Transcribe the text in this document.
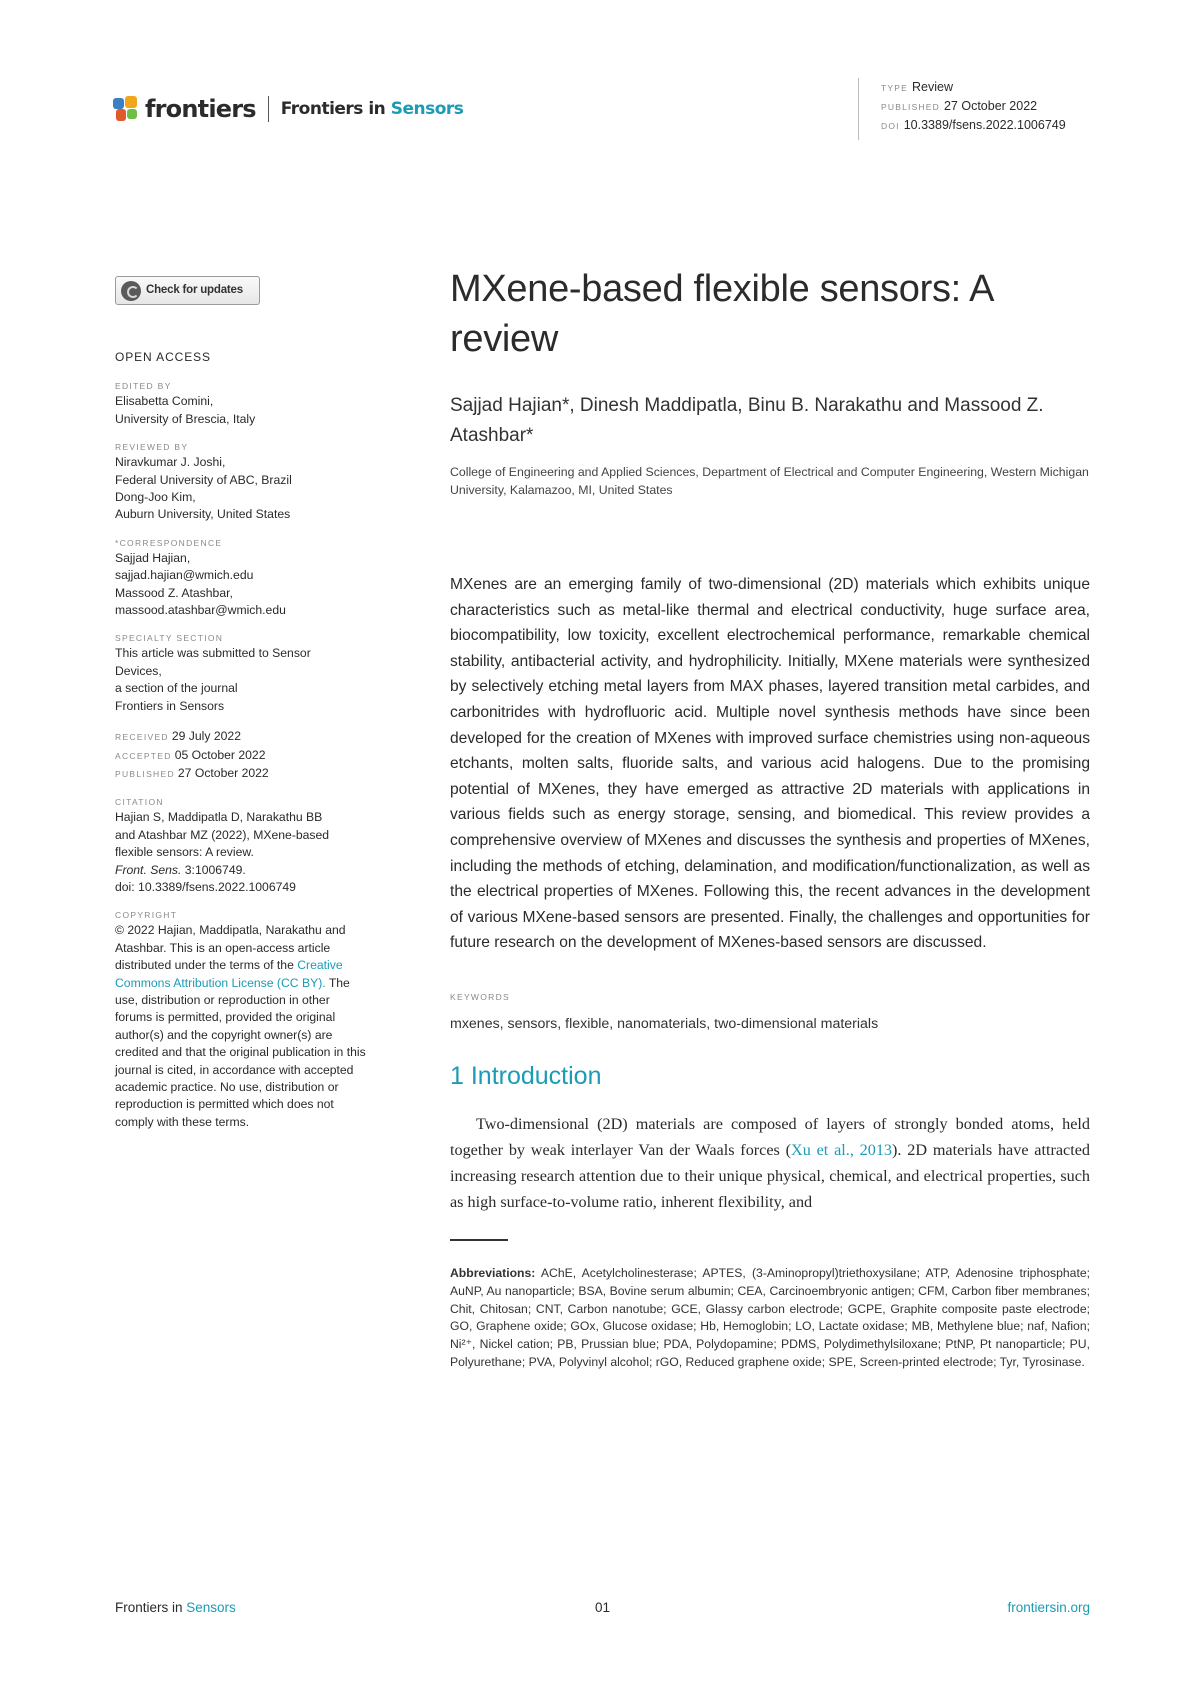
frontiers Frontiers in Sensors
TYPE Review
PUBLISHED 27 October 2022
DOI 10.3389/fsens.2022.1006749
Check for updates
OPEN ACCESS
EDITED BY
Elisabetta Comini,
University of Brescia, Italy
REVIEWED BY
Niravkumar J. Joshi,
Federal University of ABC, Brazil
Dong-Joo Kim,
Auburn University, United States
*CORRESPONDENCE
Sajjad Hajian,
sajjad.hajian@wmich.edu
Massood Z. Atashbar,
massood.atashbar@wmich.edu
SPECIALTY SECTION
This article was submitted to Sensor
Devices,
a section of the journal
Frontiers in Sensors
RECEIVED 29 July 2022
ACCEPTED 05 October 2022
PUBLISHED 27 October 2022
CITATION
Hajian S, Maddipatla D, Narakathu BB
and Atashbar MZ (2022), MXene-based
flexible sensors: A review.
Front. Sens. 3:1006749.
doi: 10.3389/fsens.2022.1006749
COPYRIGHT
© 2022 Hajian, Maddipatla, Narakathu and Atashbar. This is an open-access article distributed under the terms of the Creative Commons Attribution License (CC BY). The use, distribution or reproduction in other forums is permitted, provided the original author(s) and the copyright owner(s) are credited and that the original publication in this journal is cited, in accordance with accepted academic practice. No use, distribution or reproduction is permitted which does not comply with these terms.
MXene-based flexible sensors: A review
Sajjad Hajian*, Dinesh Maddipatla, Binu B. Narakathu and Massood Z. Atashbar*
College of Engineering and Applied Sciences, Department of Electrical and Computer Engineering, Western Michigan University, Kalamazoo, MI, United States

MXenes are an emerging family of two-dimensional (2D) materials which exhibits unique characteristics such as metal-like thermal and electrical conductivity, huge surface area, biocompatibility, low toxicity, excellent electrochemical performance, remarkable chemical stability, antibacterial activity, and hydrophilicity. Initially, MXene materials were synthesized by selectively etching metal layers from MAX phases, layered transition metal carbides, and carbonitrides with hydrofluoric acid. Multiple novel synthesis methods have since been developed for the creation of MXenes with improved surface chemistries using non-aqueous etchants, molten salts, fluoride salts, and various acid halogens. Due to the promising potential of MXenes, they have emerged as attractive 2D materials with applications in various fields such as energy storage, sensing, and biomedical. This review provides a comprehensive overview of MXenes and discusses the synthesis and properties of MXenes, including the methods of etching, delamination, and modification/functionalization, as well as the electrical properties of MXenes. Following this, the recent advances in the development of various MXene-based sensors are presented. Finally, the challenges and opportunities for future research on the development of MXenes-based sensors are discussed.

KEYWORDS
mxenes, sensors, flexible, nanomaterials, two-dimensional materials
1 Introduction

Two-dimensional (2D) materials are composed of layers of strongly bonded atoms, held together by weak interlayer Van der Waals forces (Xu et al., 2013). 2D materials have attracted increasing research attention due to their unique physical, chemical, and electrical properties, such as high surface-to-volume ratio, inherent flexibility, and

Abbreviations: AChE, Acetylcholinesterase; APTES, (3-Aminopropyl)triethoxysilane; ATP, Adenosine triphosphate; AuNP, Au nanoparticle; BSA, Bovine serum albumin; CEA, Carcinoembryonic antigen; CFM, Carbon fiber membranes; Chit, Chitosan; CNT, Carbon nanotube; GCE, Glassy carbon electrode; GCPE, Graphite composite paste electrode; GO, Graphene oxide; GOx, Glucose oxidase; Hb, Hemoglobin; LO, Lactate oxidase; MB, Methylene blue; naf, Nafion; Ni²⁺, Nickel cation; PB, Prussian blue; PDA, Polydopamine; PDMS, Polydimethylsiloxane; PtNP, Pt nanoparticle; PU, Polyurethane; PVA, Polyvinyl alcohol; rGO, Reduced graphene oxide; SPE, Screen-printed electrode; Tyr, Tyrosinase.

Frontiers in Sensors	01	frontiersin.org
